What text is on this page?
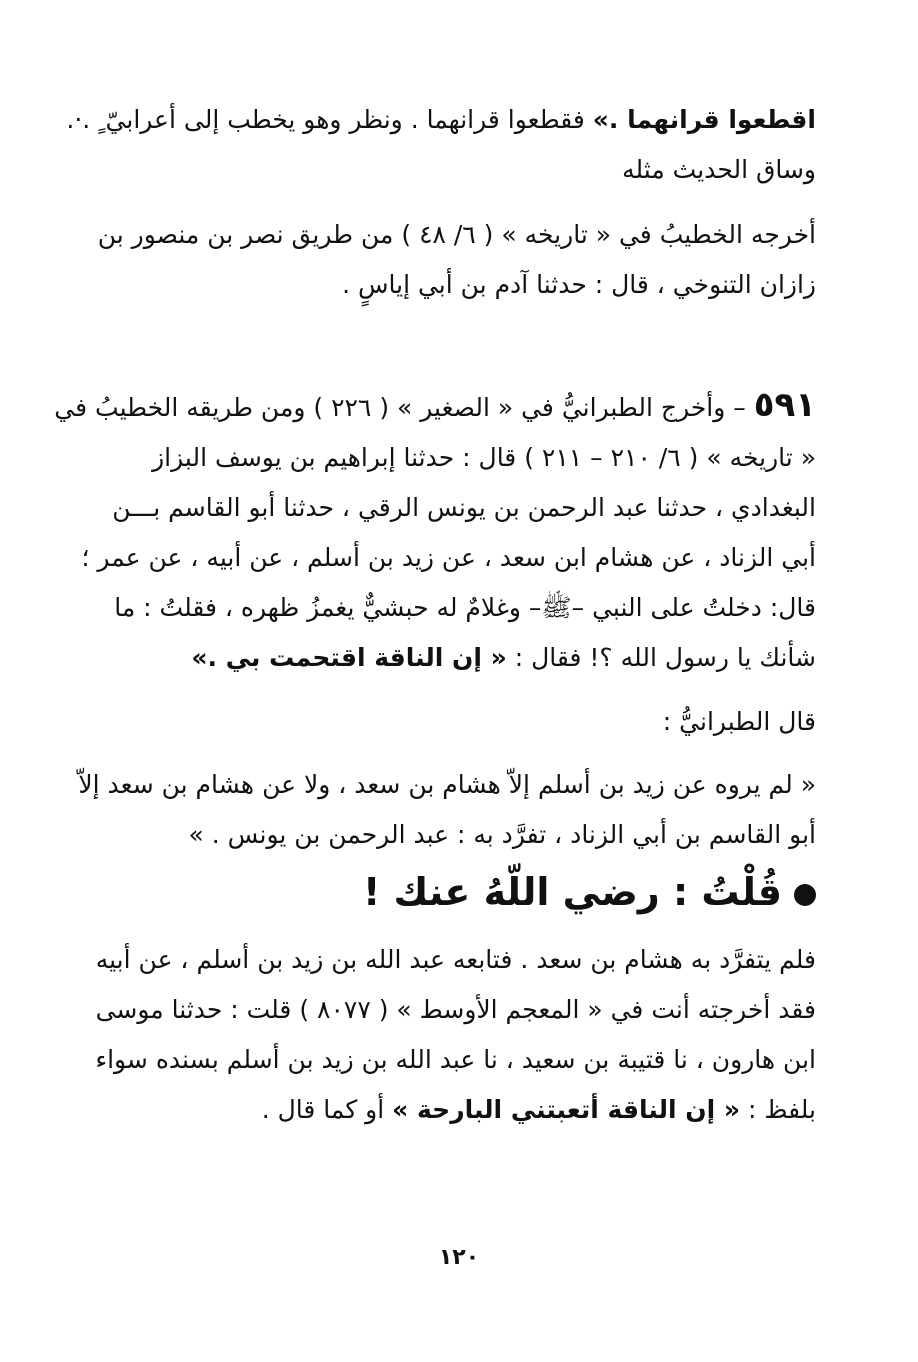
اقطعوا قرانهما .» فقطعوا قرانهما . ونظر وهو يخطب إلى أعرابيّ ٍ .·.
وساق الحديث مثله
أخرجه الخطيبُ في « تاريخه » ( ٦/ ٤٨ ) من طريق نصر بن منصور بن
زازان التنوخي ، قال : حدثنا آدم بن أبي إياسٍ .
٥٩١ – وأخرج الطبرانيُّ في « الصغير » ( ٢٢٦ ) ومن طريقه الخطيبُ في
« تاريخه » ( ٦/ ٢١٠ – ٢١١ ) قال : حدثنا إبراهيم بن يوسف البزاز
البغدادي ، حدثنا عبد الرحمن بن يونس الرقي ، حدثنا أبو القاسم بـــن
أبي الزناد ، عن هشام ابن سعد ، عن زيد بن أسلم ، عن أبيه ، عن عمر ؛
قال: دخلتُ على النبي –ﷺ– وغلامٌ له حبشيٌّ يغمزُ ظهره ، فقلتُ : ما
شأنك يا رسول الله ؟! فقال : « إن الناقة اقتحمت بي .»
قال الطبرانيُّ :
« لم يروه عن زيد بن أسلم إلاّ هشام بن سعد ، ولا عن هشام بن سعد إلاّ
أبو القاسم بن أبي الزناد ، تفرَّد به : عبد الرحمن بن يونس . »
قُلْتُ : رضي اللّهُ عنك !
فلم يتفرَّد به هشام بن سعد . فتابعه عبد الله بن زيد بن أسلم ، عن أبيه
فقد أخرجته أنت في « المعجم الأوسط » ( ٨٠٧٧ ) قلت : حدثنا موسى
ابن هارون ، نا قتيبة بن سعيد ، نا عبد الله بن زيد بن أسلم بسنده سواء
بلفظ : « إن الناقة أتعبتني البارحة » أو كما قال .
١٢٠
